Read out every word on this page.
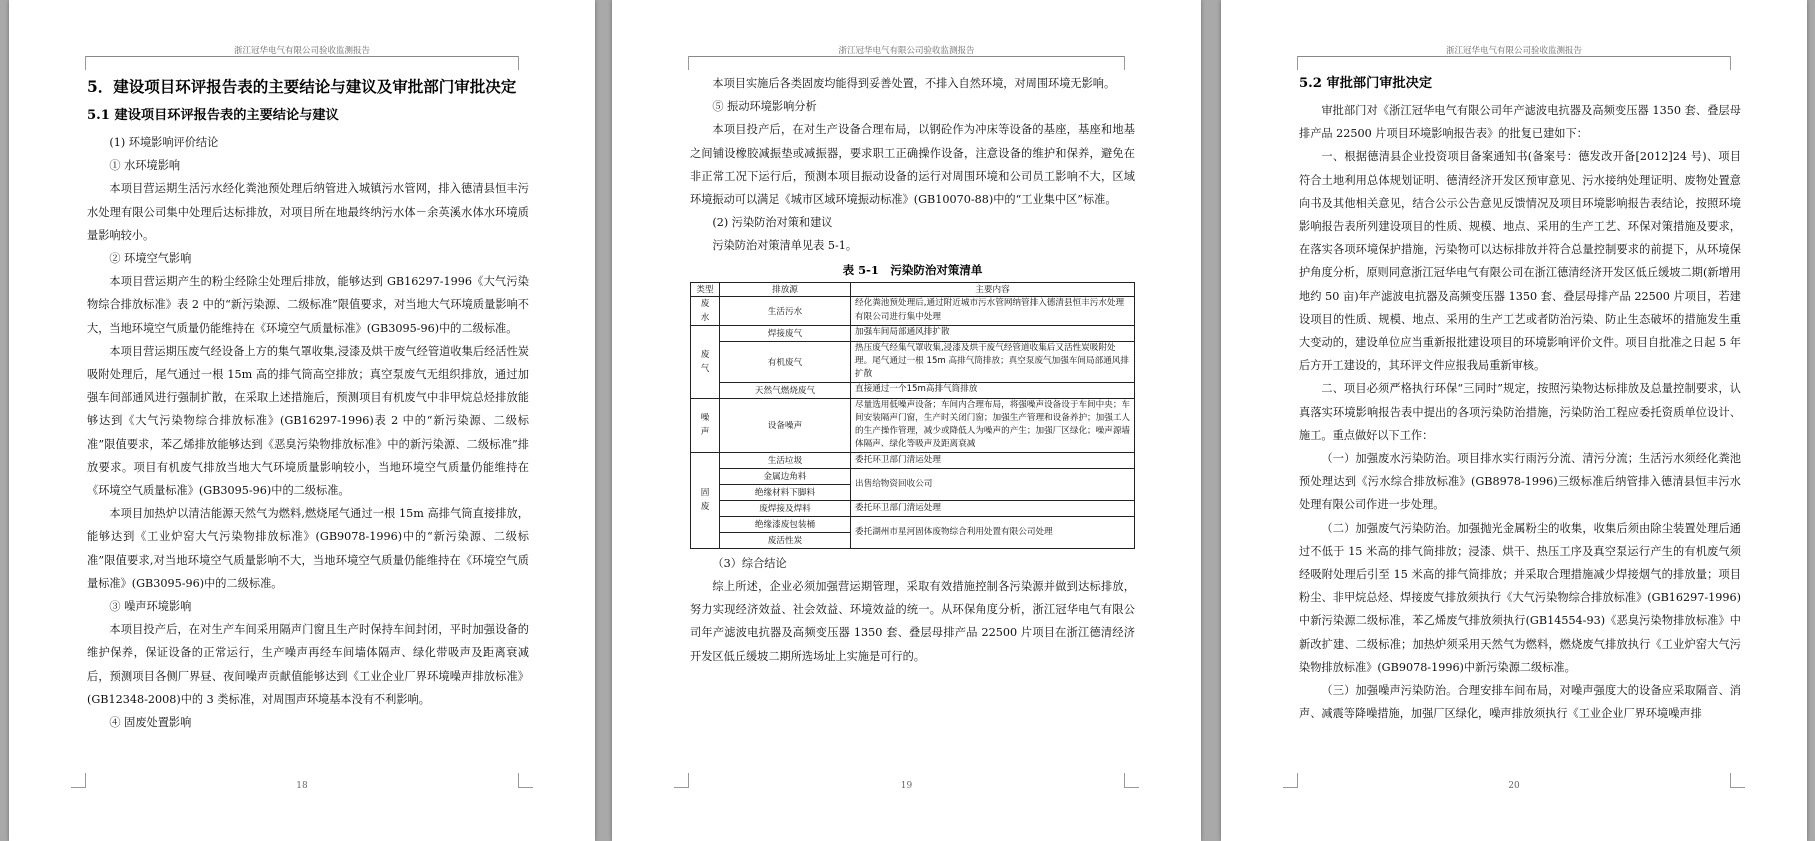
浙江冠华电气有限公司验收监测报告
5．建设项目环评报告表的主要结论与建议及审批部门审批决定
5.1 建设项目环评报告表的主要结论与建议

(1) 环境影响评价结论

① 水环境影响

本项目营运期生活污水经化粪池预处理后纳管进入城镇污水管网，排入德清县恒丰污水处理有限公司集中处理后达标排放，对项目所在地最终纳污水体－余英溪水体水环境质量影响较小。

② 环境空气影响

本项目营运期产生的粉尘经除尘处理后排放，能够达到 GB16297-1996《大气污染物综合排放标准》表 2 中的“新污染源、二级标准”限值要求，对当地大气环境质量影响不大，当地环境空气质量仍能维持在《环境空气质量标准》(GB3095-96)中的二级标准。

本项目营运期压废气经设备上方的集气罩收集,浸漆及烘干废气经管道收集后经活性炭吸附处理后，尾气通过一根 15m 高的排气筒高空排放；真空泵废气无组织排放，通过加强车间部通风进行强制扩散，在采取上述措施后，预测项目有机废气中非甲烷总烃排放能够达到《大气污染物综合排放标准》(GB16297-1996)表 2 中的“新污染源、二级标准”限值要求，苯乙烯排放能够达到《恶臭污染物排放标准》中的新污染源、二级标准”排放要求。项目有机废气排放当地大气环境质量影响较小，当地环境空气质量仍能维持在《环境空气质量标准》(GB3095-96)中的二级标准。

本项目加热炉以清洁能源天然气为燃料,燃烧尾气通过一根 15m 高排气筒直接排放，能够达到《工业炉窑大气污染物排放标准》(GB9078-1996)中的“新污染源、二级标准”限值要求,对当地环境空气质量影响不大，当地环境空气质量仍能维持在《环境空气质量标准》(GB3095-96)中的二级标准。

③ 噪声环境影响

本项目投产后，在对生产车间采用隔声门窗且生产时保持车间封闭，平时加强设备的维护保养，保证设备的正常运行，生产噪声再经车间墙体隔声、绿化带吸声及距离衰减后，预测项目各侧厂界昼、夜间噪声贡献值能够达到《工业企业厂界环境噪声排放标准》(GB12348-2008)中的 3 类标准，对周围声环境基本没有不利影响。

④ 固废处置影响

18
浙江冠华电气有限公司验收监测报告

本项目实施后各类固废均能得到妥善处置，不排入自然环境，对周围环境无影响。

⑤ 振动环境影响分析

本项目投产后，在对生产设备合理布局，以钢砼作为冲床等设备的基座，基座和地基之间铺设橡胶减振垫或减振器，要求职工正确操作设备，注意设备的维护和保养，避免在非正常工况下运行后，预测本项目振动设备的运行对周围环境和公司员工影响不大，区域环境振动可以满足《城市区域环境振动标准》(GB10070-88)中的“工业集中区”标准。

(2) 污染防治对策和建议

污染防治对策清单见表 5-1。

表 5-1　污染防治对策清单
类型	排放源	主要内容

废
水	生活污水	经化粪池预处理后,通过附近城市污水管网纳管排入德清县恒丰污水处理有限公司进行集中处理

废
气	焊接废气	加强车间局部通风排扩散
	有机废气	热压废气经集气罩收集,浸漆及烘干废气经管道收集后又活性炭吸附处理。尾气通过一根 15m 高排气筒排放；真空泵废气加强车间局部通风排扩散
	天然气燃烧废气	直接通过一个15m高排气筒排放

噪
声	设备噪声	尽量选用低噪声设备；车间内合理布局，将强噪声设备设于车间中央；车间安装隔声门窗，生产时关闭门窗；加强生产管理和设备养护；加强工人的生产操作管理，减少或降低人为噪声的产生；加强厂区绿化；噪声源墙体隔声、绿化等吸声及距离衰减

固
废	生活垃圾	委托环卫部门清运处理
	金属边角料	出售给物资回收公司
	绝缘材料下脚料	
	废焊接及焊料	委托环卫部门清运处理
	绝缘漆废包装桶	委托湖州市星河固体废物综合利用处置有限公司处理
	废活性炭	

（3）综合结论

综上所述，企业必须加强营运期管理，采取有效措施控制各污染源并做到达标排放，努力实现经济效益、社会效益、环境效益的统一。从环保角度分析，浙江冠华电气有限公司年产滤波电抗器及高频变压器 1350 套、叠层母排产品 22500 片项目在浙江德清经济开发区低丘缓坡二期所选场址上实施是可行的。

19
浙江冠华电气有限公司验收监测报告
5.2 审批部门审批决定

审批部门对《浙江冠华电气有限公司年产滤波电抗器及高频变压器 1350 套、叠层母排产品 22500 片项目环境影响报告表》的批复已建如下：

一、根据德清县企业投资项目备案通知书(备案号：德发改开备[2012]24 号)、项目符合土地利用总体规划证明、德清经济开发区预审意见、污水接纳处理证明、废物处置意向书及其他相关意见，结合公示公告意见反馈情况及项目环境影响报告表结论，按照环境影响报告表所列建设项目的性质、规模、地点、采用的生产工艺、环保对策措施及要求，在落实各项环境保护措施，污染物可以达标排放并符合总量控制要求的前提下，从环境保护角度分析，原则同意浙江冠华电气有限公司在浙江德清经济开发区低丘缓坡二期(新增用地约 50 亩)年产滤波电抗器及高频变压器 1350 套、叠层母排产品 22500 片项目，若建设项目的性质、规模、地点、采用的生产工艺或者防治污染、防止生态破坏的措施发生重大变动的，建设单位应当重新报批建设项目的环境影响评价文件。项目自批准之日起 5 年后方开工建设的，其环评文件应报我局重新审核。

二、项目必须严格执行环保“三同时”规定，按照污染物达标排放及总量控制要求，认真落实环境影响报告表中提出的各项污染防治措施，污染防治工程应委托资质单位设计、施工。重点做好以下工作：

（一）加强废水污染防治。项目排水实行雨污分流、清污分流；生活污水须经化粪池预处理达到《污水综合排放标准》(GB8978-1996)三级标准后纳管排入德清县恒丰污水处理有限公司作进一步处理。

（二）加强废气污染防治。加强抛光金属粉尘的收集，收集后须由除尘装置处理后通过不低于 15 米高的排气筒排放；浸漆、烘干、热压工序及真空泵运行产生的有机废气须经吸附处理后引至 15 米高的排气筒排放；并采取合理措施减少焊接烟气的排放量；项目粉尘、非甲烷总烃、焊接废气排放须执行《大气污染物综合排放标准》(GB16297-1996)中新污染源二级标准，苯乙烯废气排放须执行(GB14554-93)《恶臭污染物排放标准》中新改扩建、二级标准；加热炉须采用天然气为燃料，燃烧废气排放执行《工业炉窑大气污染物排放标准》(GB9078-1996)中新污染源二级标准。

（三）加强噪声污染防治。合理安排车间布局，对噪声强度大的设备应采取隔音、消声、减震等降噪措施，加强厂区绿化，噪声排放须执行《工业企业厂界环境噪声排

20
